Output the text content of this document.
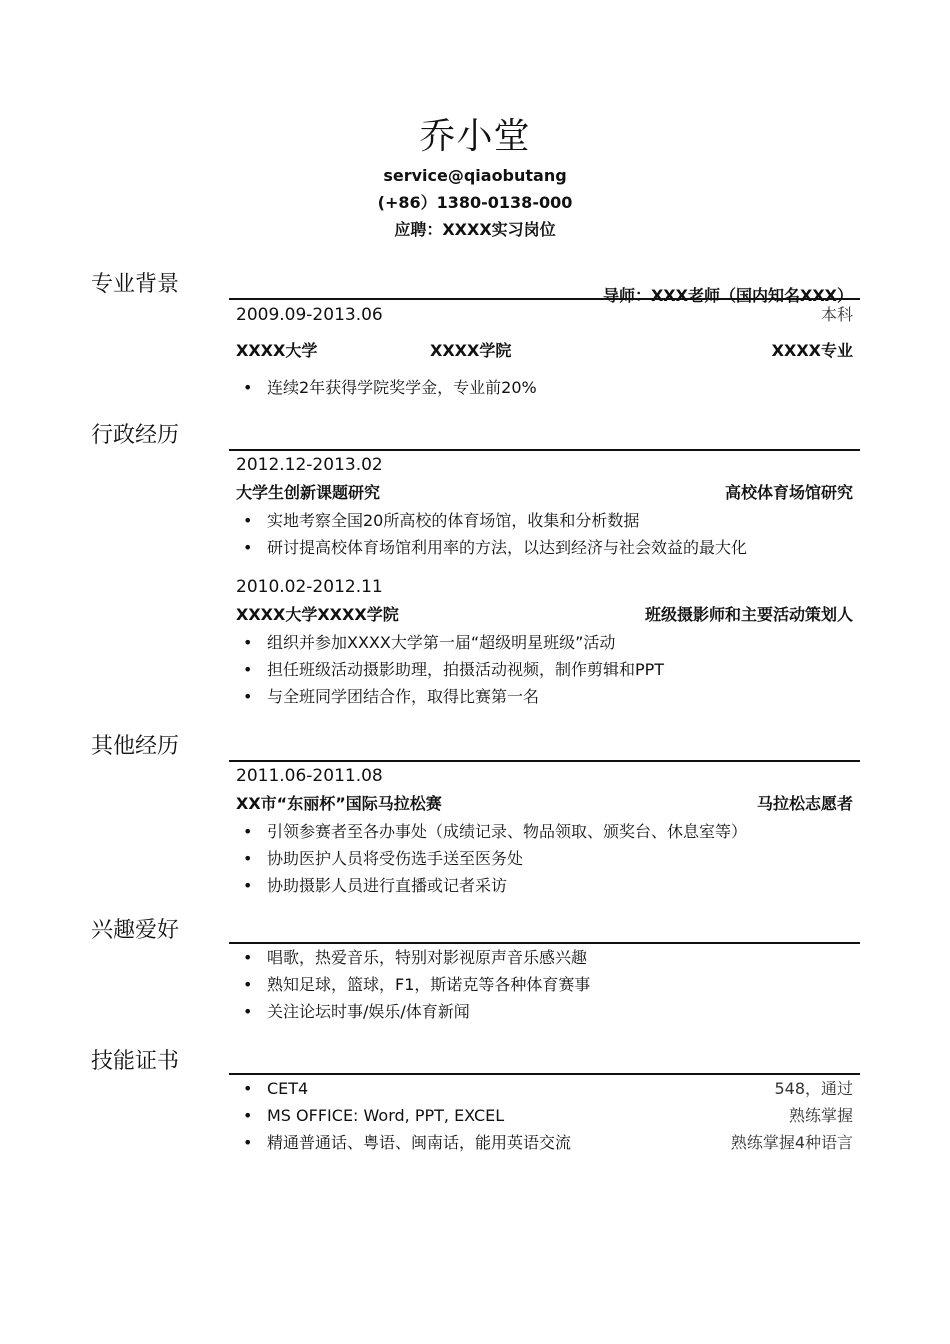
乔小堂
service@qiaobutang
(+86）1380-0138-000
应聘：XXXX实习岗位
专业背景	导师：XXX老师（国内知名XXX）
2009.09-2013.06	本科
XXXX大学	XXXX学院	XXXX专业
• 连续2年获得学院奖学金，专业前20%
行政经历
2012.12-2013.02
大学生创新课题研究	高校体育场馆研究
• 实地考察全国20所高校的体育场馆，收集和分析数据
• 研讨提高校体育场馆利用率的方法，以达到经济与社会效益的最大化
2010.02-2012.11
XXXX大学XXXX学院	班级摄影师和主要活动策划人
• 组织并参加XXXX大学第一届“超级明星班级”活动
• 担任班级活动摄影助理，拍摄活动视频，制作剪辑和PPT
• 与全班同学团结合作，取得比赛第一名
其他经历
2011.06-2011.08
XX市“东丽杯”国际马拉松赛	马拉松志愿者
• 引领参赛者至各办事处（成绩记录、物品领取、颁奖台、休息室等）
• 协助医护人员将受伤选手送至医务处
• 协助摄影人员进行直播或记者采访
兴趣爱好
• 唱歌，热爱音乐，特别对影视原声音乐感兴趣
• 熟知足球，篮球，F1，斯诺克等各种体育赛事
• 关注论坛时事/娱乐/体育新闻
技能证书
• CET4	548，通过
• MS OFFICE: Word, PPT, EXCEL	熟练掌握
• 精通普通话、粤语、闽南话，能用英语交流	熟练掌握4种语言
